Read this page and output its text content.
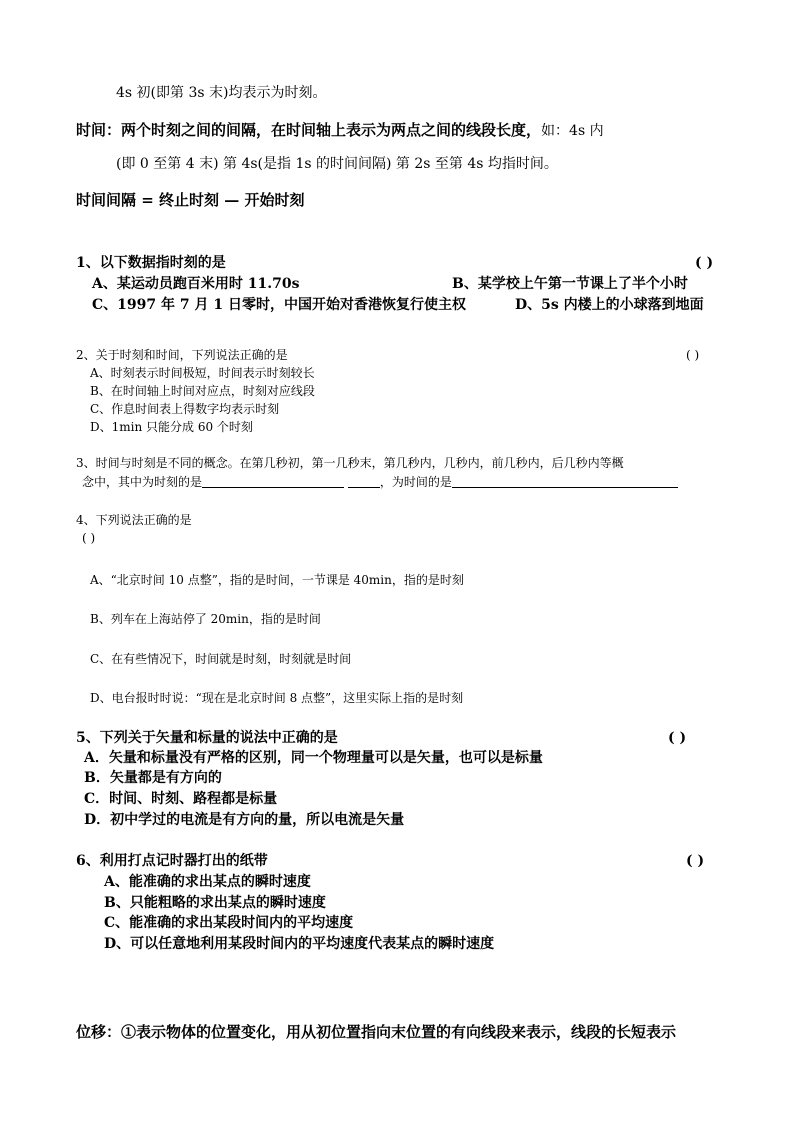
4s 初(即第 3s 末)均表示为时刻。
时间：两个时刻之间的间隔，在时间轴上表示为两点之间的线段长度，如：4s 内
(即 0 至第 4 末) 第 4s(是指 1s 的时间间隔) 第 2s 至第 4s 均指时间。
时间间隔 = 终止时刻 — 开始时刻
1、以下数据指时刻的是	( )
A、某运动员跑百米用时 11.70s	B、某学校上午第一节课上了半个小时
C、1997 年 7 月 1 日零时，中国开始对香港恢复行使主权	D、5s 内楼上的小球落到地面
2、关于时刻和时间，下列说法正确的是	( )
A、时刻表示时间极短，时间表示时刻较长
B、在时间轴上时间对应点，时刻对应线段
C、作息时间表上得数字均表示时刻
D、1min 只能分成 60 个时刻
3、时间与时刻是不同的概念。在第几秒初，第一几秒末，第几秒内，几秒内，前几秒内，后几秒内等概
念中，其中为时刻的是	，为时间的是
4、下列说法正确的是
( )
A、“北京时间 10 点整”，指的是时间，一节课是 40min，指的是时刻
B、列车在上海站停了 20min，指的是时间
C、在有些情况下，时间就是时刻，时刻就是时间
D、电台报时时说：“现在是北京时间 8 点整”，这里实际上指的是时刻
5、下列关于矢量和标量的说法中正确的是	( )
A．矢量和标量没有严格的区别，同一个物理量可以是矢量，也可以是标量
B．矢量都是有方向的
C．时间、时刻、路程都是标量
D．初中学过的电流是有方向的量，所以电流是矢量
6、利用打点记时器打出的纸带	( )
A、能准确的求出某点的瞬时速度
B、只能粗略的求出某点的瞬时速度
C、能准确的求出某段时间内的平均速度
D、可以任意地利用某段时间内的平均速度代表某点的瞬时速度
位移：①表示物体的位置变化，用从初位置指向末位置的有向线段来表示，线段的长短表示
